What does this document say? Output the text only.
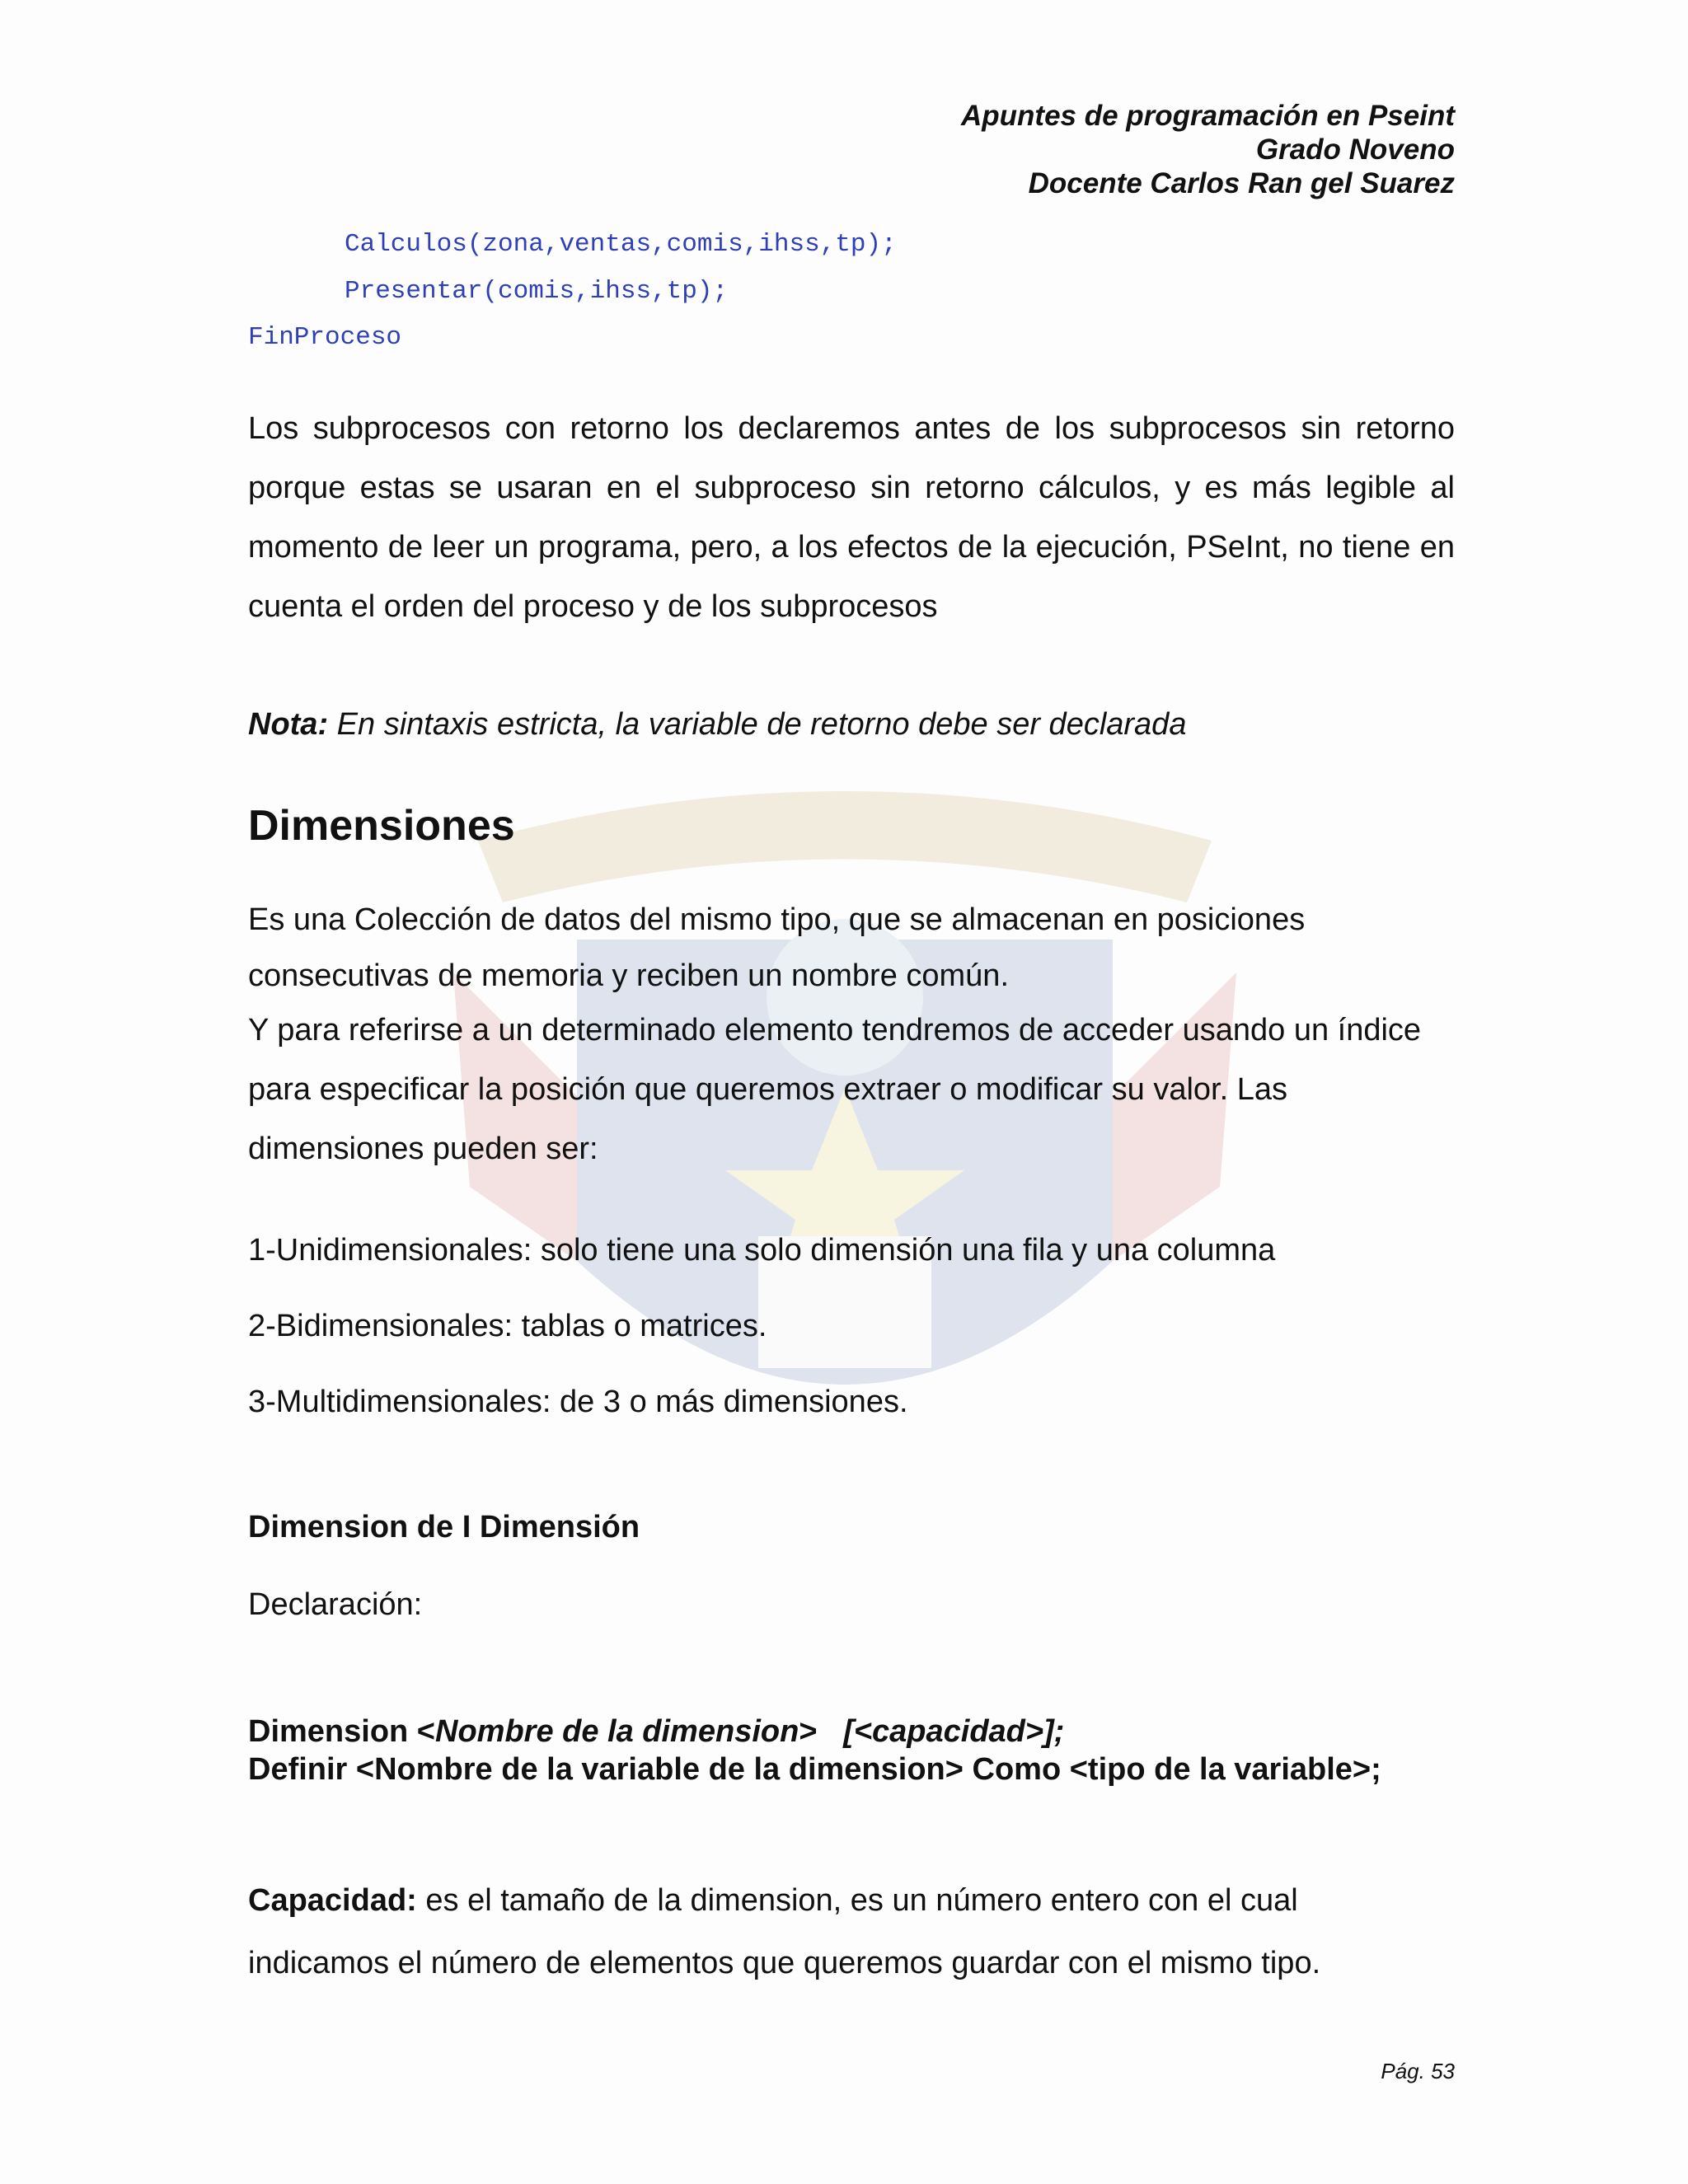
Apuntes de programación en Pseint
Grado Noveno
Docente Carlos Ran gel Suarez
Calculos(zona,ventas,comis,ihss,tp);
Presentar(comis,ihss,tp);
FinProceso

Los subprocesos con retorno los declaremos antes de los subprocesos sin retorno porque estas se usaran en el subproceso sin retorno cálculos, y es más legible al momento de leer un programa, pero, a los efectos de la ejecución, PSeInt, no tiene en cuenta el orden del proceso y de los subprocesos

Nota: En sintaxis estricta, la variable de retorno debe ser declarada

Dimensiones

Es una Colección de datos del mismo tipo, que se almacenan en posiciones consecutivas de memoria y reciben un nombre común.

Y para referirse a un determinado elemento tendremos de acceder usando un índice para especificar la posición que queremos extraer o modificar su valor. Las dimensiones pueden ser:

1-Unidimensionales: solo tiene una solo dimensión una fila y una columna

2-Bidimensionales: tablas o matrices.

3-Multidimensionales: de 3 o más dimensiones.

Dimension de I Dimensión

Declaración:

Dimension <Nombre de la dimension>   [<capacidad>];

Definir <Nombre de la variable de la dimension> Como <tipo de la variable>;

Capacidad: es el tamaño de la dimension, es un número entero con el cual indicamos el número de elementos que queremos guardar con el mismo tipo.

Pág. 53
